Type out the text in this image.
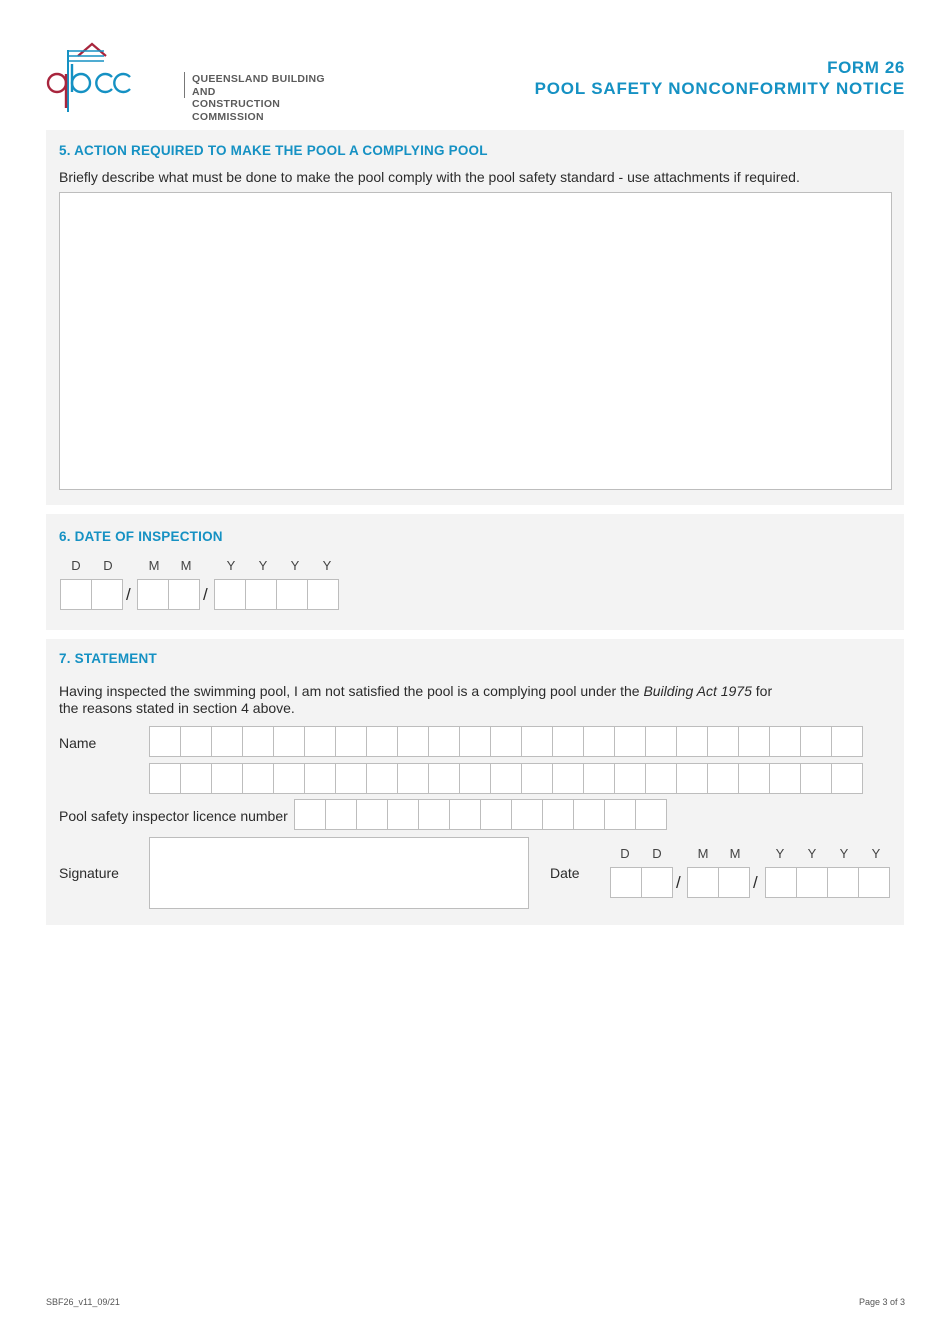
QUEENSLAND BUILDING AND
CONSTRUCTION COMMISSION
FORM 26
POOL SAFETY NONCONFORMITY NOTICE
5. ACTION REQUIRED TO MAKE THE POOL A COMPLYING POOL
Briefly describe what must be done to make the pool comply with the pool safety standard - use attachments if required.
6. DATE OF INSPECTION
D	D	M	M	Y	Y	Y	Y
/	/
7. STATEMENT
Having inspected the swimming pool, I am not satisfied the pool is a complying pool under the Building Act 1975 for
the reasons stated in section 4 above.
Name
Pool safety inspector licence number
Signature	Date
D	D	M	M	Y	Y	Y	Y
/	/
SBF26_v11_09/21	Page 3 of 3
